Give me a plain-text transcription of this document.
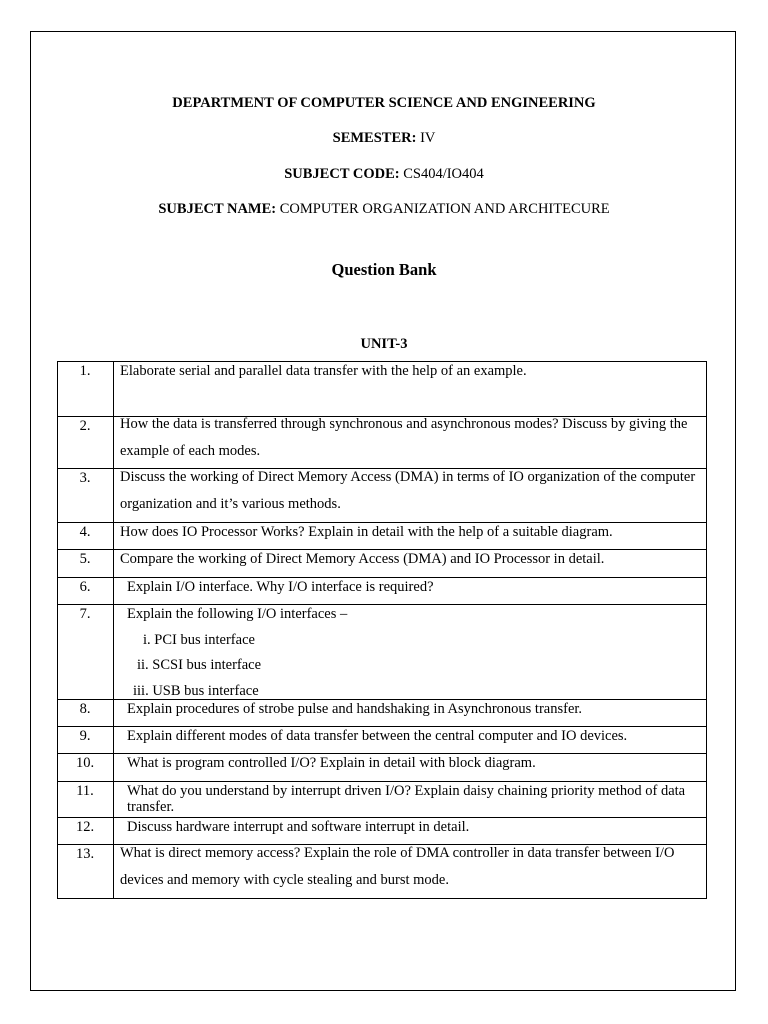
DEPARTMENT OF COMPUTER SCIENCE AND ENGINEERING
SEMESTER: IV
SUBJECT CODE: CS404/IO404
SUBJECT NAME: COMPUTER ORGANIZATION AND ARCHITECURE
Question Bank
UNIT-3
1.	Elaborate serial and parallel data transfer with the help of an example.
2.	How the data is transferred through synchronous and asynchronous modes? Discuss by giving the example of each modes.
3.	Discuss the working of Direct Memory Access (DMA) in terms of IO organization of the computer organization and it’s various methods.
4.	How does IO Processor Works? Explain in detail with the help of a suitable diagram.
5.	Compare the working of Direct Memory Access (DMA) and IO Processor in detail.
6.	Explain I/O interface. Why I/O interface is required?
7.	Explain the following I/O interfaces –
i. PCI bus interface
ii. SCSI bus interface
iii. USB bus interface
8.	Explain procedures of strobe pulse and handshaking in Asynchronous transfer.
9.	Explain different modes of data transfer between the central computer and IO devices.
10.	What is program controlled I/O? Explain in detail with block diagram.
11.	What do you understand by interrupt driven I/O? Explain daisy chaining priority method of data transfer.
12.	Discuss hardware interrupt and software interrupt in detail.
13.	What is direct memory access? Explain the role of DMA controller in data transfer between I/O devices and memory with cycle stealing and burst mode.
